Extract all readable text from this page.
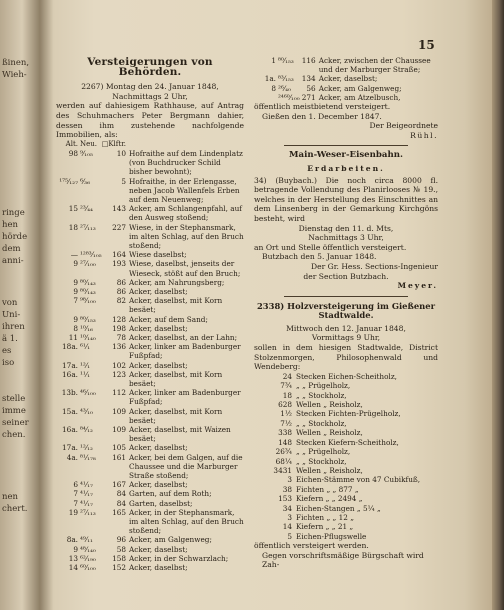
ßinen,
Wieh-
ringe
hen
hörde
dem
anni-
von
Uni-
ihren
ä 1.
es
iso
stelle
imme
seiner
chen.
nen
chert.
15
Versteigerungen von Behörden.
2267) Montag den 24. Januar 1848,
Nachmittags 2 Uhr,
werden auf dahiesigem Rathhause, auf Antrag des Schuhmachers Peter Bergmann dahier, dessen ihm zustehende nachfolgende Immobilien, als:
Alt.	Neu.	□Klftr.	
98	⁹⁄₁₀₅	10	Hofraithe auf dem Lindenplatz (von Buchdrucker Schild bisher bewohnt);
¹⁷⁵⁄₁₂₇	⁶⁄₃₆	5	Hofraithe, in der Erlengasse, neben Jacob Wallenfels Erben auf dem Neuenweg;
15	²³⁄₄₄	143	Acker, am Schlangenpfahl, auf den Ausweg stoßend;
18	²⁷⁄₁₁₃	227	Wiese, in der Stephansmark, im alten Schlag, auf den Bruch stoßend;
—	¹²⁸³⁄₁₀₅	164	Wiese daselbst;
9	²⁷⁄₁₀₀	193	Wiese, daselbst, jenseits der Wieseck, stößt auf den Bruch;
9	⁸⁰⁄₁₄₃	86	Acker, am Nahrungsberg;
9	⁸⁰⁄₁₄₃	86	Acker, daselbst;
7	⁹⁸⁄₁₀₀	82	Acker, daselbst, mit Korn besäet;
9	⁸⁰⁄₁₅₃	128	Acker, auf dem Sand;
8	¹⁰⁄₁₆	198	Acker, daselbst;
11	¹⁰⁄₁₄₀	78	Acker, daselbst, an der Lahn;
18a.	⁶¹⁄₁	136	Acker, linker am Badenburger Fußpfad;
17a.	¹²⁄₁	102	Acker, daselbst;
16a.	¹¹⁄₁	123	Acker, daselbst, mit Korn besäet;
13b.	⁴⁶⁄₁₀₀	112	Acker, linker am Badenburger Fußpfad;
15a.	⁴³⁄₁₀	109	Acker, daselbst, mit Korn besäet;
16a.	⁸⁴⁄₁₂	109	Acker, daselbst, mit Waizen besäet;
17a.	¹²⁄₁₂	105	Acker, daselbst;
4a.	⁸¹⁄₁₇₈	161	Acker, bei dem Galgen, auf die Chaussee und die Marburger Straße stoßend;
6	⁴¹⁄₁₇	167	Acker, daselbst;
7	⁴¹⁄₁₇	84	Garten, auf dem Roth;
7	⁴¹⁄₁₇	84	Garten, daselbst;
19	²⁷⁄₁₁₃	165	Acker, in der Stephansmark, im alten Schlag, auf den Bruch stoßend;
8a.	⁴⁹⁄₁₁	96	Acker, am Galgenweg;
9	⁴⁸⁄₁₄₀	58	Acker, daselbst;
13	⁶²⁄₁₉₀	158	Acker, in der Schwarzlach;
14	⁶⁰⁄₁₀₀	152	Acker, daselbst;
1	⁸⁰⁄₁₅₃	116	Acker, zwischen der Chaussee und der Marburger Straße;
1a.	⁸³⁄₁₅₃	134	Acker, daselbst;
8	²⁶⁄₄₀	56	Acker, am Galgenweg;
	²⁴⁶⁰⁄₁₀₀	271	Acker, am Atzelbusch,
öffentlich meistbietend versteigert.
Gießen den 1. December 1847.
Der Beigeordnete
Rühl.
Main-Weser-Eisenbahn.
Erdarbeiten.
34) (Buybach.) Die noch circa 8000 fl. betragende Vollendung des Planirlooses № 19., welches in der Herstellung des Einschnittes an dem Linsenberg in der Gemarkung Kirchgöns besteht, wird
Dienstag den 11. d. Mts,
Nachmittags 3 Uhr,
an Ort und Stelle öffentlich versteigert.
Butzbach den 5. Januar 1848.
Der Gr. Hess. Sections-Ingenieur
der Section Butzbach.
Meyer.
2338) Holzversteigerung im Gießener Stadtwalde.
Mittwoch den 12. Januar 1848,
Vormittags 9 Uhr,
sollen in dem hiesigen Stadtwalde, District Stolzenmorgen, Philosophenwald und Wendeberg:
24	Stecken Eichen-Scheitholz,
7¾	„ „ Prügelholz,
18	„ „ Stockholz,
628	Wellen „ Reisholz,
1½	Stecken Fichten-Prügelholz,
7½	„ „ Stockholz,
338	Wellen „ Reisholz,
148	Stecken Kiefern-Scheitholz,
26¾	„ „ Prügelholz,
68¼	„ „ Stockholz,
3431	Wellen „ Reisholz,
3	Eichen-Stämme von 47 Cubikfuß,
38	Fichten „ „ 877 „
153	Kiefern „ „ 2494 „
34	Eichen-Stangen „ 5¼ „
3	Fichten „ „ 12 „
14	Kiefern „ „ 21 „
5	Eichen-Pflugswelle
öffentlich versteigert werden.
Gegen vorschriftsmäßige Bürgschaft wird Zah-
